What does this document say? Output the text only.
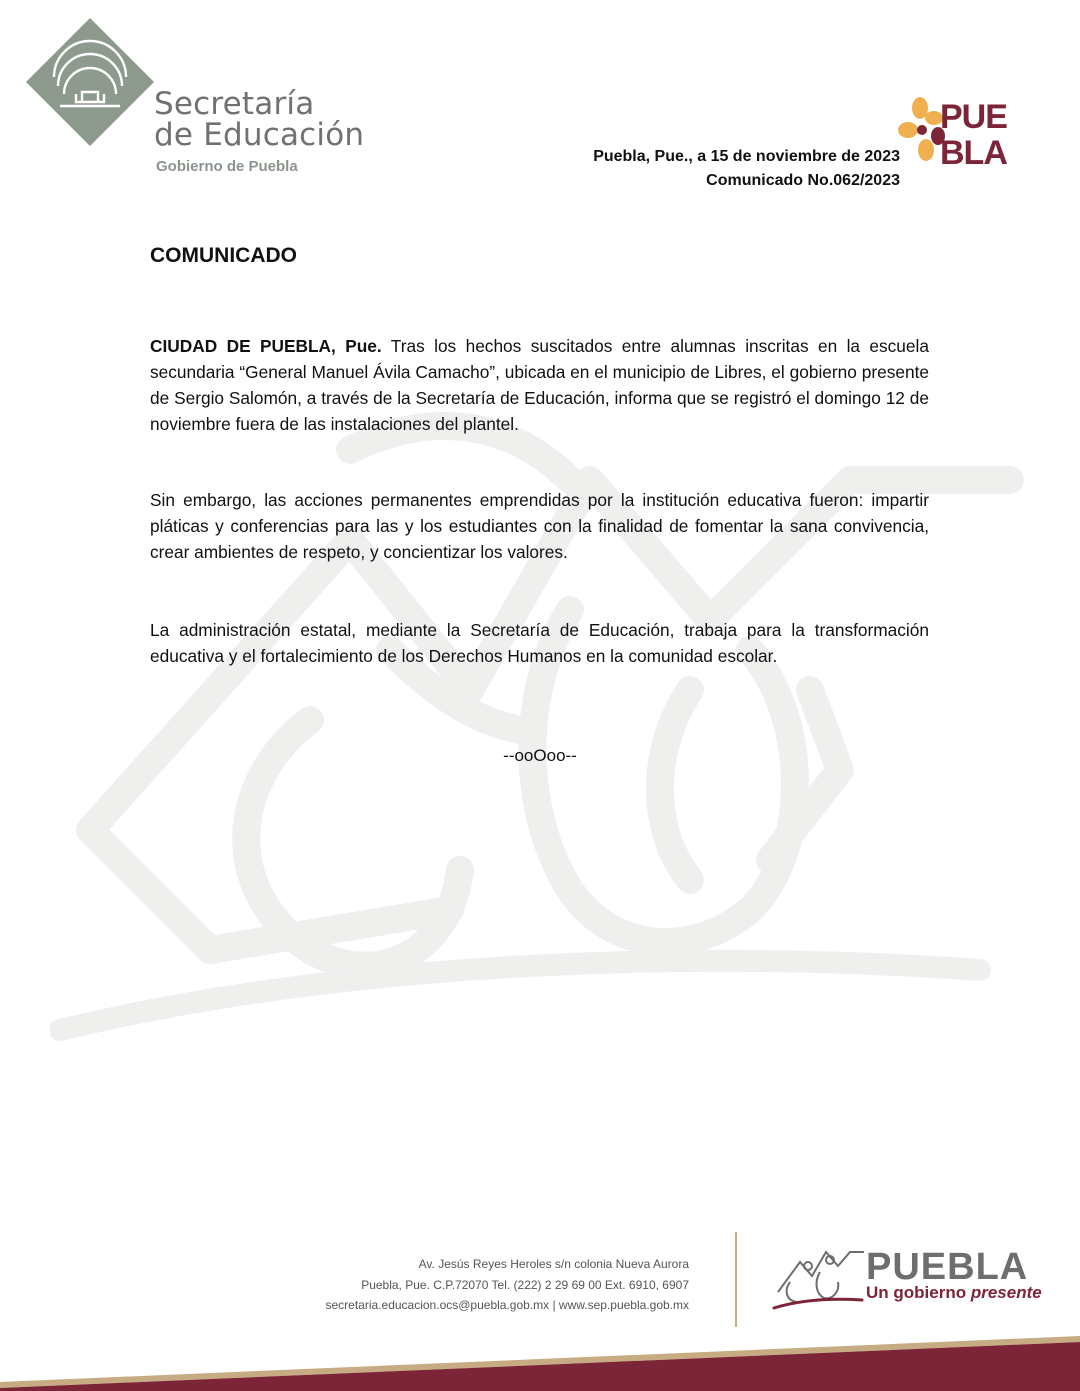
Secretaría
de Educación
Gobierno de Puebla
PUE
BLA
Puebla, Pue., a 15 de noviembre de 2023
Comunicado No.062/2023
COMUNICADO

CIUDAD DE PUEBLA, Pue. Tras los hechos suscitados entre alumnas inscritas en la escuela secundaria “General Manuel Ávila Camacho”, ubicada en el municipio de Libres, el gobierno presente de Sergio Salomón, a través de la Secretaría de Educación, informa que se registró el domingo 12 de noviembre fuera de las instalaciones del plantel.

Sin embargo, las acciones permanentes emprendidas por la institución educativa fueron: impartir pláticas y conferencias para las y los estudiantes con la finalidad de fomentar la sana convivencia, crear ambientes de respeto, y concientizar los valores.

La administración estatal, mediante la Secretaría de Educación, trabaja para la transformación educativa y el fortalecimiento de los Derechos Humanos en la comunidad escolar.

--ooOoo--
Av. Jesús Reyes Heroles s/n colonia Nueva Aurora
Puebla, Pue. C.P.72070 Tel. (222) 2 29 69 00 Ext. 6910, 6907
secretaria.educacion.ocs@puebla.gob.mx | www.sep.puebla.gob.mx
PUEBLA
Un gobierno presente
